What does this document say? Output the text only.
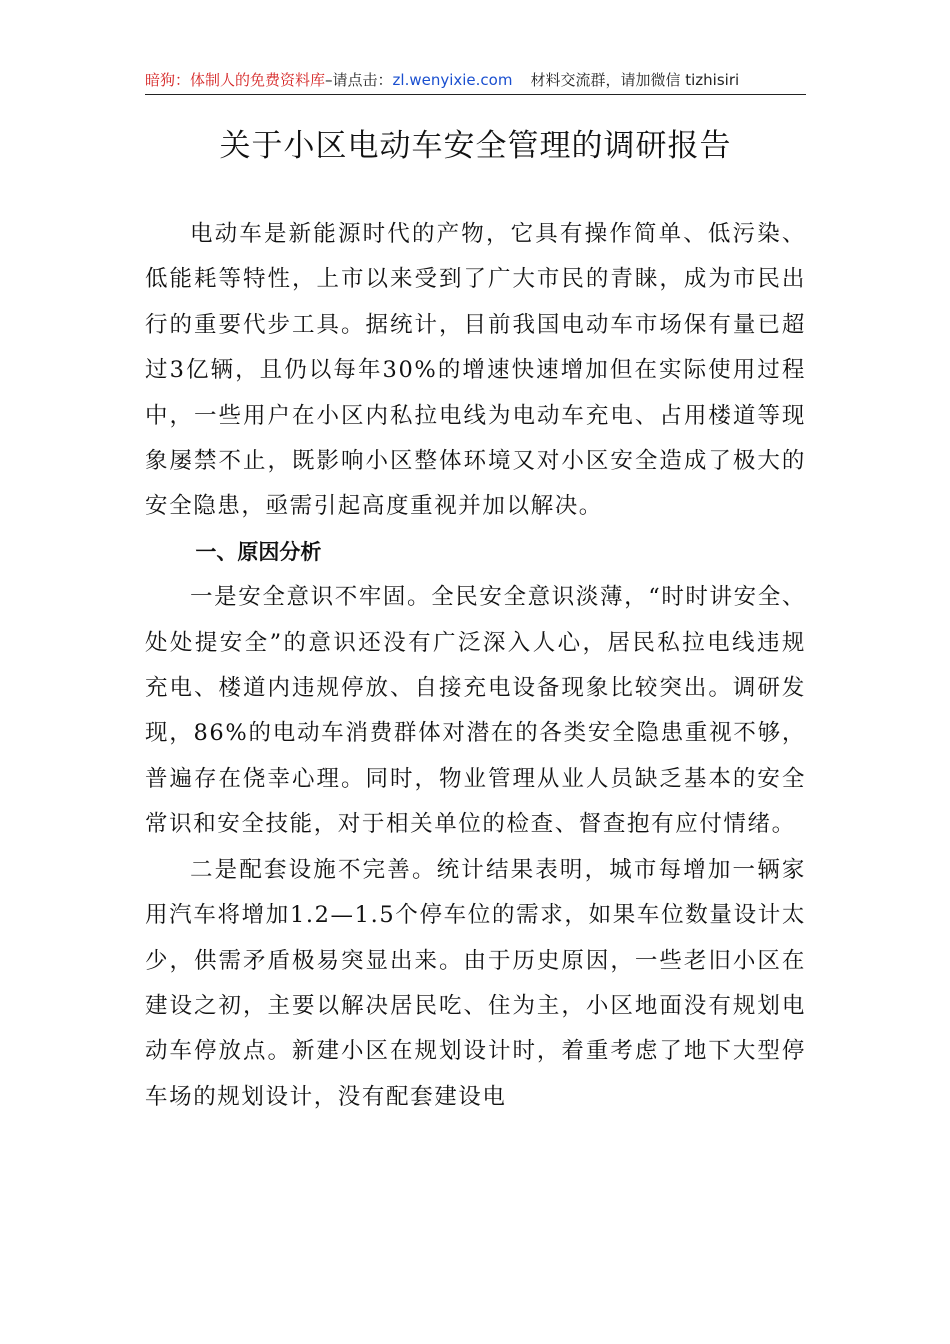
暗狗：体制人的免费资料库–请点击：zl.wenyixie.com 材料交流群，请加微信 tizhisiri
关于小区电动车安全管理的调研报告

电动车是新能源时代的产物，它具有操作简单、低污染、低能耗等特性，上市以来受到了广大市民的青睐，成为市民出行的重要代步工具。据统计，目前我国电动车市场保有量已超过3亿辆，且仍以每年30%的增速快速增加但在实际使用过程中，一些用户在小区内私拉电线为电动车充电、占用楼道等现象屡禁不止，既影响小区整体环境又对小区安全造成了极大的安全隐患，亟需引起高度重视并加以解决。

一、原因分析

一是安全意识不牢固。全民安全意识淡薄，“时时讲安全、处处提安全”的意识还没有广泛深入人心，居民私拉电线违规充电、楼道内违规停放、自接充电设备现象比较突出。调研发现，86%的电动车消费群体对潜在的各类安全隐患重视不够，普遍存在侥幸心理。同时，物业管理从业人员缺乏基本的安全常识和安全技能，对于相关单位的检查、督查抱有应付情绪。

二是配套设施不完善。统计结果表明，城市每增加一辆家用汽车将增加1.2—1.5个停车位的需求，如果车位数量设计太少，供需矛盾极易突显出来。由于历史原因，一些老旧小区在建设之初，主要以解决居民吃、住为主，小区地面没有规划电动车停放点。新建小区在规划设计时，着重考虑了地下大型停车场的规划设计，没有配套建设电
